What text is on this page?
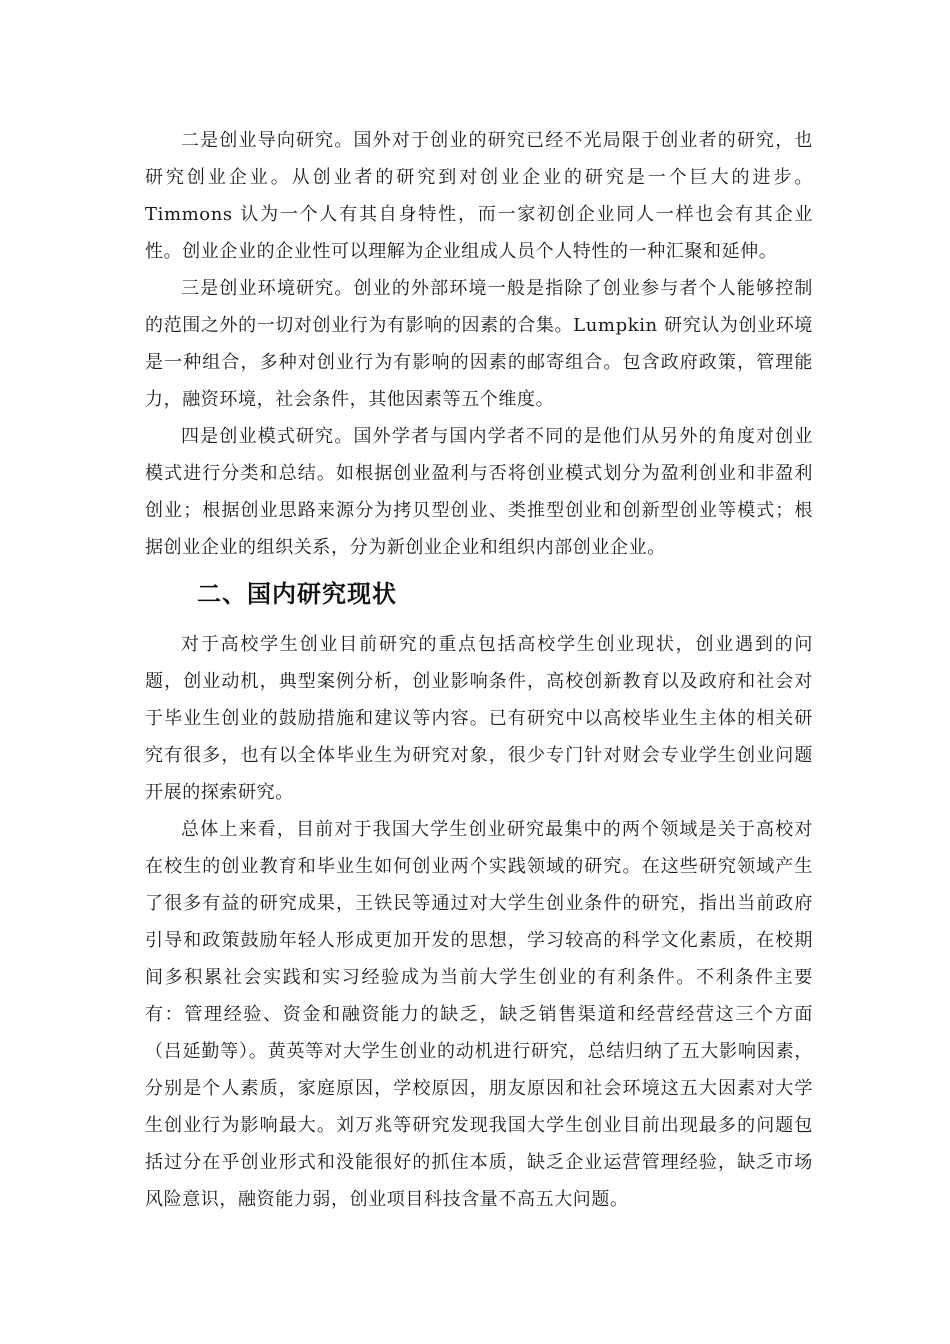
二是创业导向研究。国外对于创业的研究已经不光局限于创业者的研究，也研究创业企业。从创业者的研究到对创业企业的研究是一个巨大的进步。Timmons 认为一个人有其自身特性，而一家初创企业同人一样也会有其企业性。创业企业的企业性可以理解为企业组成人员个人特性的一种汇聚和延伸。

三是创业环境研究。创业的外部环境一般是指除了创业参与者个人能够控制的范围之外的一切对创业行为有影响的因素的合集。Lumpkin 研究认为创业环境是一种组合，多种对创业行为有影响的因素的邮寄组合。包含政府政策，管理能力，融资环境，社会条件，其他因素等五个维度。

四是创业模式研究。国外学者与国内学者不同的是他们从另外的角度对创业模式进行分类和总结。如根据创业盈利与否将创业模式划分为盈利创业和非盈利创业；根据创业思路来源分为拷贝型创业、类推型创业和创新型创业等模式；根据创业企业的组织关系，分为新创业企业和组织内部创业企业。

二、国内研究现状

对于高校学生创业目前研究的重点包括高校学生创业现状，创业遇到的问题，创业动机，典型案例分析，创业影响条件，高校创新教育以及政府和社会对于毕业生创业的鼓励措施和建议等内容。已有研究中以高校毕业生主体的相关研究有很多，也有以全体毕业生为研究对象，很少专门针对财会专业学生创业问题开展的探索研究。

总体上来看，目前对于我国大学生创业研究最集中的两个领域是关于高校对在校生的创业教育和毕业生如何创业两个实践领域的研究。在这些研究领域产生了很多有益的研究成果，王铁民等通过对大学生创业条件的研究，指出当前政府引导和政策鼓励年轻人形成更加开发的思想，学习较高的科学文化素质，在校期间多积累社会实践和实习经验成为当前大学生创业的有利条件。不利条件主要有：管理经验、资金和融资能力的缺乏，缺乏销售渠道和经营经营这三个方面（吕延勤等）。黄英等对大学生创业的动机进行研究，总结归纳了五大影响因素，分别是个人素质，家庭原因，学校原因，朋友原因和社会环境这五大因素对大学生创业行为影响最大。刘万兆等研究发现我国大学生创业目前出现最多的问题包括过分在乎创业形式和没能很好的抓住本质，缺乏企业运营管理经验，缺乏市场风险意识，融资能力弱，创业项目科技含量不高五大问题。
